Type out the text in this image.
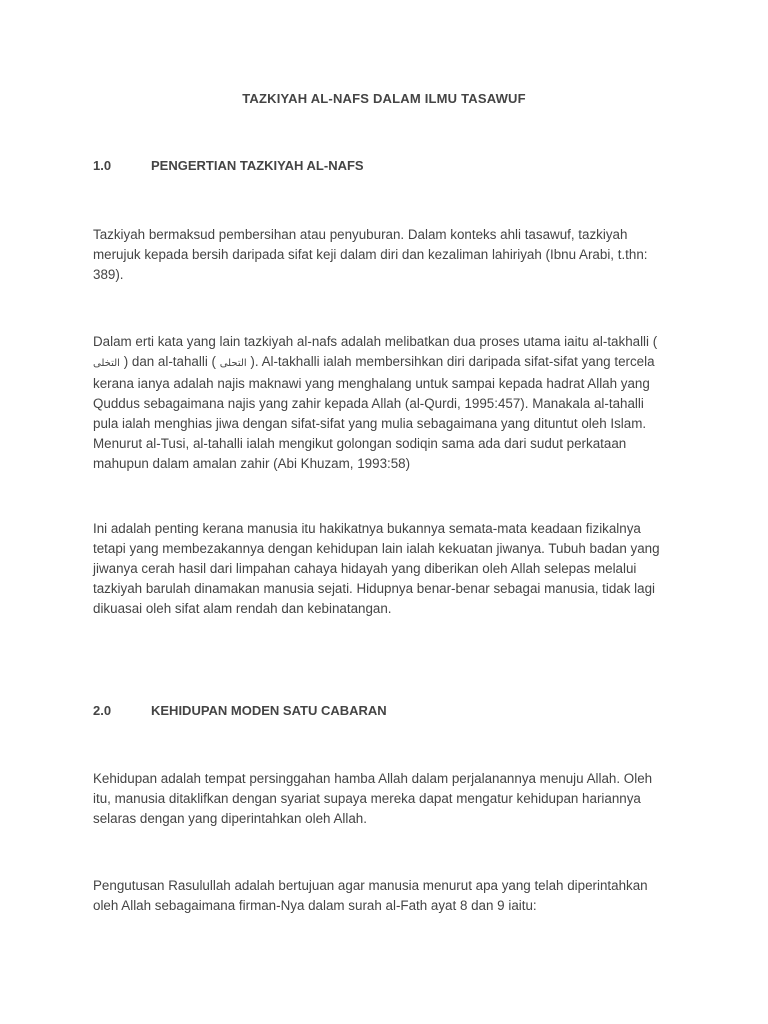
TAZKIYAH AL-NAFS DALAM ILMU TASAWUF
1.0	PENGERTIAN TAZKIYAH AL-NAFS
Tazkiyah bermaksud pembersihan atau penyuburan. Dalam konteks ahli tasawuf, tazkiyah merujuk kepada bersih daripada sifat keji dalam diri dan kezaliman lahiriyah (Ibnu Arabi, t.thn: 389).
Dalam erti kata yang lain tazkiyah al-nafs adalah melibatkan dua proses utama iaitu al-takhalli ( التخلى ) dan al-tahalli ( التحلى ). Al-takhalli ialah membersihkan diri daripada sifat-sifat yang tercela kerana ianya adalah najis maknawi yang menghalang untuk sampai kepada hadrat Allah yang Quddus sebagaimana najis yang zahir kepada Allah (al-Qurdi, 1995:457). Manakala al-tahalli pula ialah menghias jiwa dengan sifat-sifat yang mulia sebagaimana yang dituntut oleh Islam. Menurut al-Tusi, al-tahalli ialah mengikut golongan sodiqin sama ada dari sudut perkataan mahupun dalam amalan zahir (Abi Khuzam, 1993:58)
Ini adalah penting kerana manusia itu hakikatnya bukannya semata-mata keadaan fizikalnya tetapi yang membezakannya dengan kehidupan lain ialah kekuatan jiwanya. Tubuh badan yang jiwanya cerah hasil dari limpahan cahaya hidayah yang diberikan oleh Allah selepas melalui tazkiyah barulah dinamakan manusia sejati. Hidupnya benar-benar sebagai manusia, tidak lagi dikuasai oleh sifat alam rendah dan kebinatangan.
2.0	KEHIDUPAN MODEN SATU CABARAN
Kehidupan adalah tempat persinggahan hamba Allah dalam perjalanannya menuju Allah. Oleh itu, manusia ditaklifkan dengan syariat supaya mereka dapat mengatur kehidupan hariannya selaras dengan yang diperintahkan oleh Allah.
Pengutusan Rasulullah adalah bertujuan agar manusia menurut apa yang telah diperintahkan oleh Allah sebagaimana firman-Nya dalam surah al-Fath ayat 8 dan 9 iaitu:
